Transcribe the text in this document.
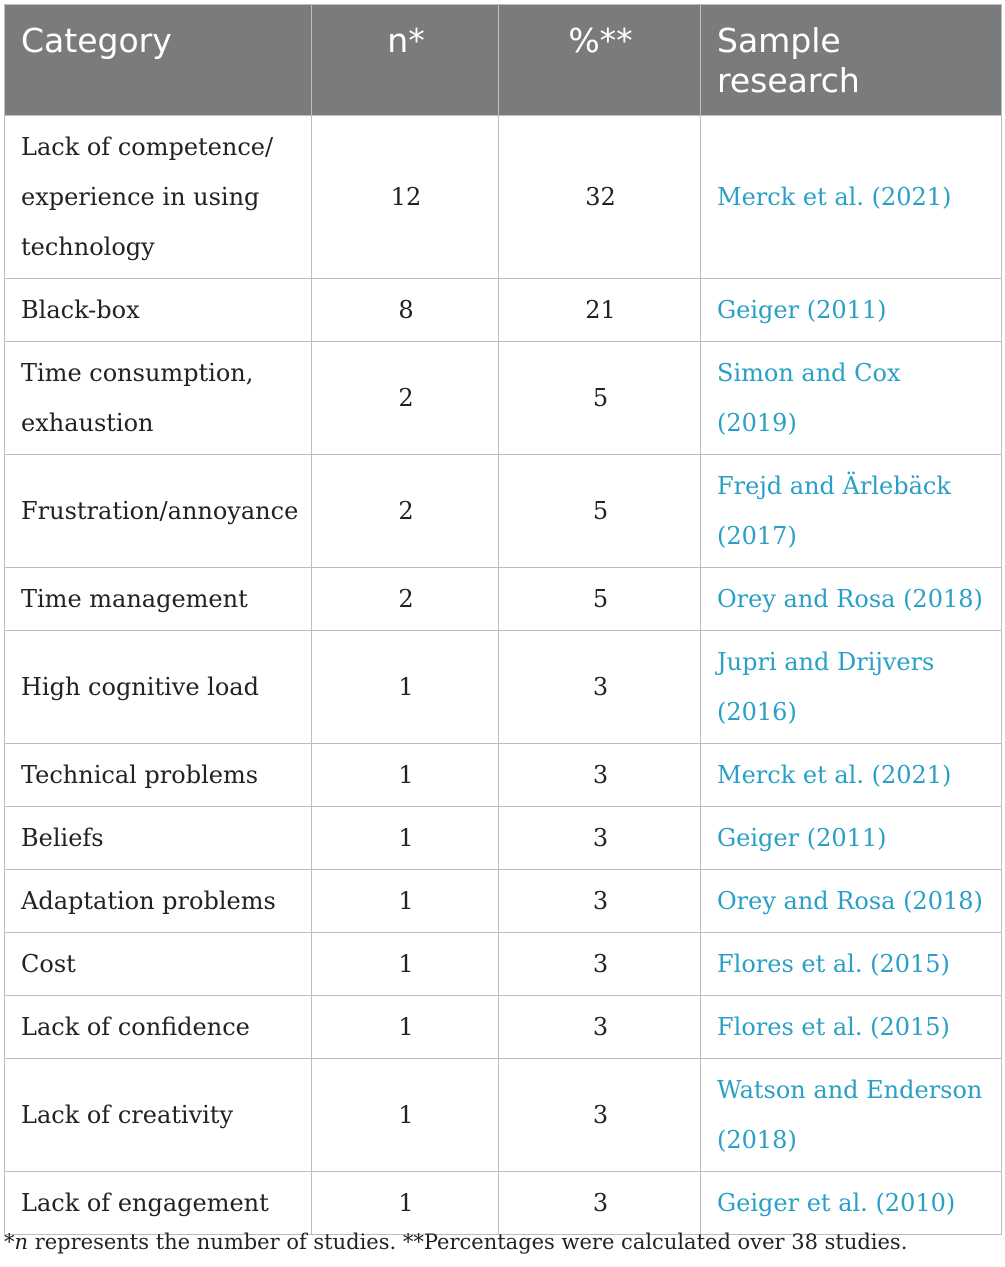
Category	n*	%**	Sample research
Lack of competence/ experience in using technology	12	32	Merck et al. (2021)
Black-box	8	21	Geiger (2011)
Time consumption, exhaustion	2	5	Simon and Cox (2019)
Frustration/annoyance	2	5	Frejd and Ärlebäck (2017)
Time management	2	5	Orey and Rosa (2018)
High cognitive load	1	3	Jupri and Drijvers (2016)
Technical problems	1	3	Merck et al. (2021)
Beliefs	1	3	Geiger (2011)
Adaptation problems	1	3	Orey and Rosa (2018)
Cost	1	3	Flores et al. (2015)
Lack of confidence	1	3	Flores et al. (2015)
Lack of creativity	1	3	Watson and Enderson (2018)
Lack of engagement	1	3	Geiger et al. (2010)
*n represents the number of studies. **Percentages were calculated over 38 studies.
